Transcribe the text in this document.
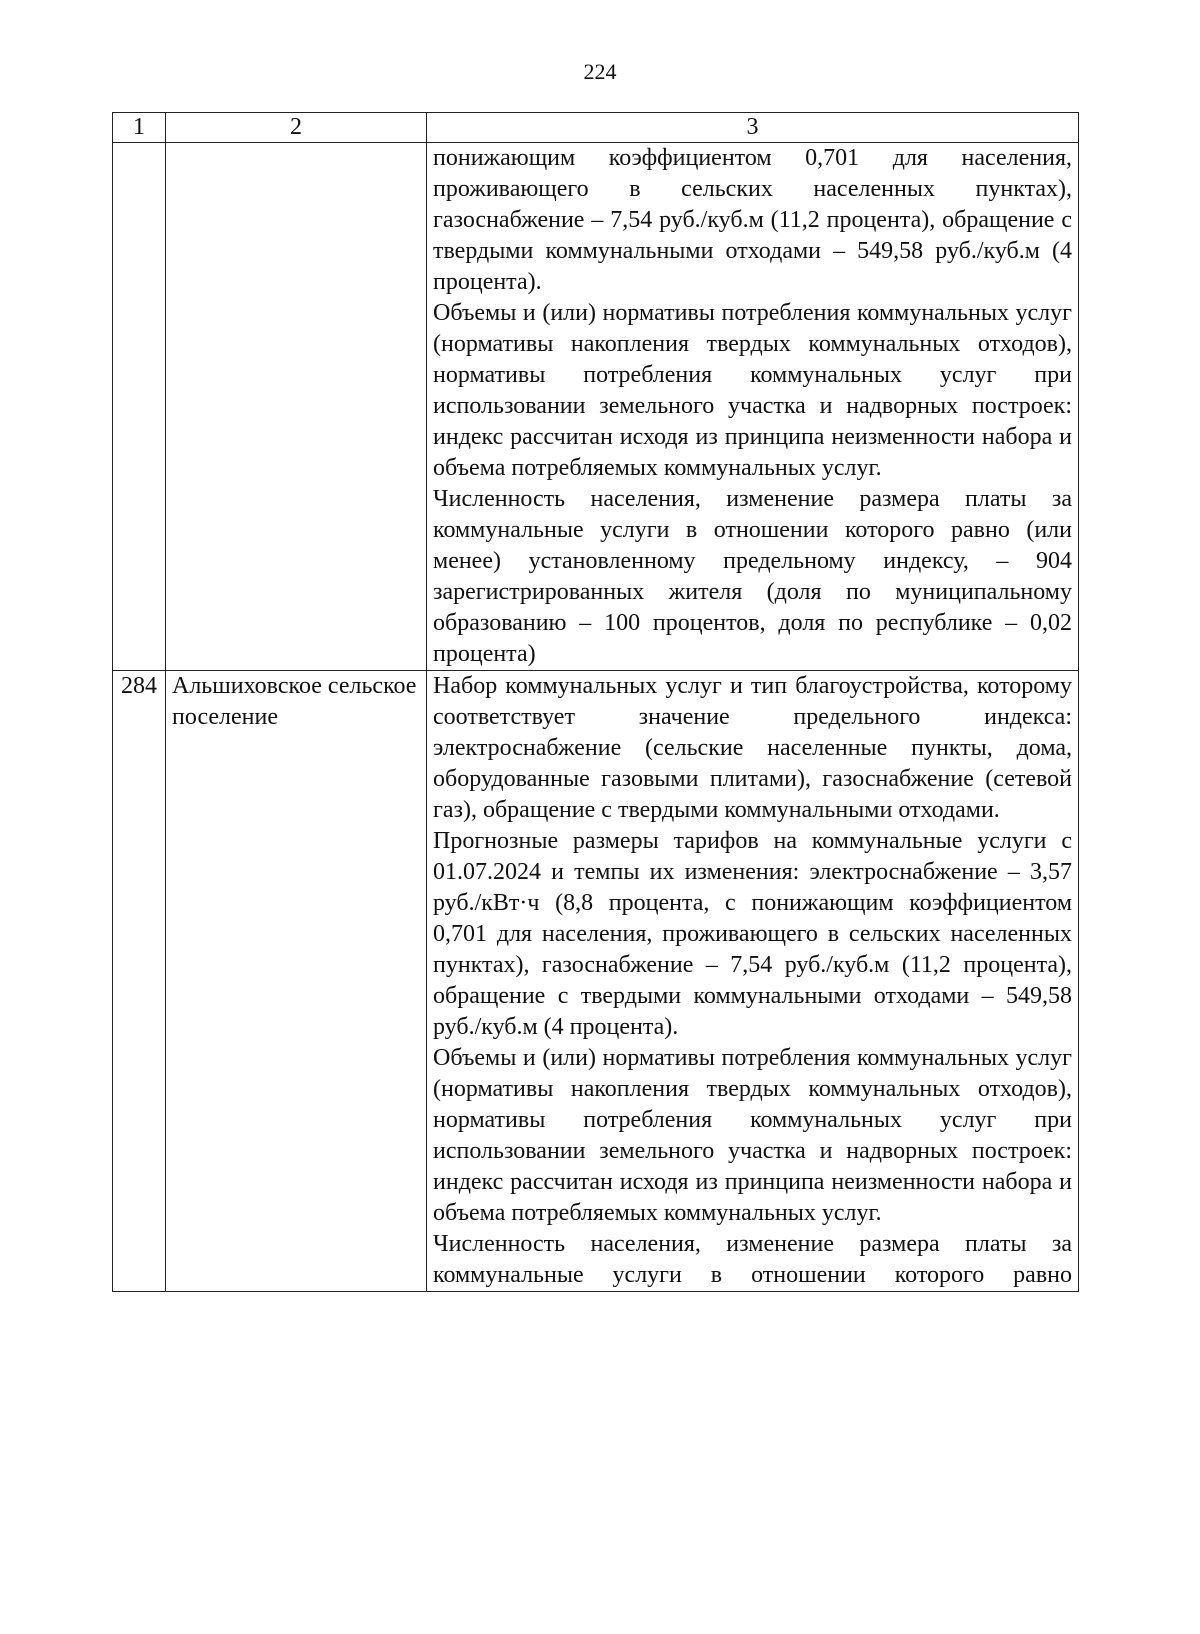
224
1	2	3

		понижающим коэффициентом 0,701 для населения, проживающего в сельских населенных пунктах), газоснабжение – 7,54 руб./куб.м (11,2 процента), обращение с твердыми коммунальными отходами – 549,58 руб./куб.м (4 процента).

Объемы и (или) нормативы потребления коммунальных услуг (нормативы накопления твердых коммунальных отходов), нормативы потребления коммунальных услуг при использовании земельного участка и надворных построек: индекс рассчитан исходя из принципа неизменности набора и объема потребляемых коммунальных услуг.

Численность населения, изменение размера платы за коммунальные услуги в отношении которого равно (или менее) установленному предельному индексу, – 904 зарегистрированных жителя (доля по муниципальному образованию – 100 процентов, доля по республике – 0,02 процента)

284	Альшиховское сельское поселение	Набор коммунальных услуг и тип благоустройства, которому соответствует значение предельного индекса: электроснабжение (сельские населенные пункты, дома, оборудованные газовыми плитами), газоснабжение (сетевой газ), обращение с твердыми коммунальными отходами.

Прогнозные размеры тарифов на коммунальные услуги с 01.07.2024 и темпы их изменения: электроснабжение – 3,57 руб./кВт·ч (8,8 процента, с понижающим коэффициентом 0,701 для населения, проживающего в сельских населенных пунктах), газоснабжение – 7,54 руб./куб.м (11,2 процента), обращение с твердыми коммунальными отходами – 549,58 руб./куб.м (4 процента).

Объемы и (или) нормативы потребления коммунальных услуг (нормативы накопления твердых коммунальных отходов), нормативы потребления коммунальных услуг при использовании земельного участка и надворных построек: индекс рассчитан исходя из принципа неизменности набора и объема потребляемых коммунальных услуг.

Численность населения, изменение размера платы за коммунальные услуги в отношении которого равно
